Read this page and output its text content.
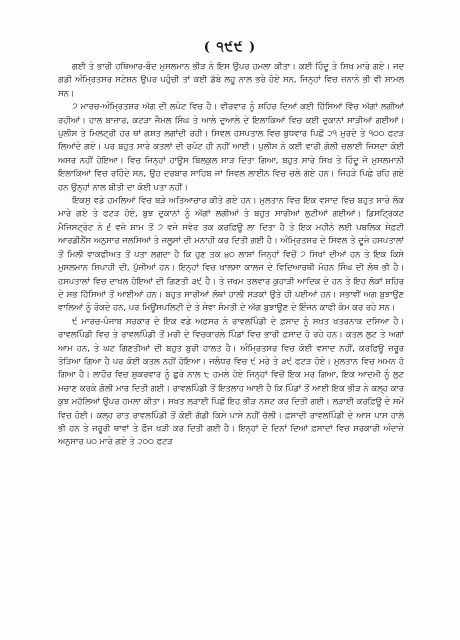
( ੧੯੯ )

ਗਈ ਤੇ ਭਾਰੀ ਹਥਿਆਰ-ਬੰਦ ਮੁਸਲਮਾਨ ਭੀੜ ਨੇ ਇਸ ਉਪਰ ਹਮਲਾ ਕੀਤਾ। ਕਈ ਹਿੰਦੂ ਤੇ ਸਿਖ ਮਾਰੇ ਗਏ। ਜਦ ਗਡੀ ਅੰਮ੍ਰਿਤਸਰ ਸਟੇਸ਼ਨ ਉਪਰ ਪਹੁੰਚੀ ਤਾਂ ਕਈ ਡੱਬੇ ਲਹੂ ਨਾਲ ਭਰੇ ਹੋਏ ਸਨ, ਜਿਨ੍ਹਾਂ ਵਿਚ ਜ਼ਨਾਨੇ ਭੀ ਵੀ ਸ਼ਾਮਲ ਸਨ।

੭ ਮਾਰਚ-ਅੰਮ੍ਰਿਤਸਰ ਅੱਗ ਦੀ ਲਪੇਟ ਵਿਚ ਹੈ। ਵੀਰਵਾਰ ਨੂੰ ਸ਼ਹਿਰ ਦਿਆਂ ਕਈ ਹਿੱਸਿਆਂ ਵਿੱਚ ਅੱਗਾਂ ਲਗੀਆਂ ਰਹੀਆਂ। ਹਾਲ ਬਾਜ਼ਾਰ, ਕਟੜਾ ਜੈਮਲ ਸਿੰਘ ਤੇ ਆਲੇ ਦੁਆਲੇ ਦੇ ਇਲਾਕਿਆਂ ਵਿਚ ਕਈ ਦੁਕਾਨਾਂ ਸਾੜੀਆਂ ਗਈਆਂ। ਪੁਲੀਸ ਤੇ ਮਿਲਟ੍ਰੀ ਹਰ ਥਾਂ ਗਸ਼ਤ ਲਗਾਂਦੀ ਰਹੀ। ਸਿਵਲ ਹਸਪਤਾਲ ਵਿਚ ਬੁਧਵਾਰ ਪਿਛੋਂ ੨੧ ਮੁਰਦੇ ਤੇ ੧੦੦ ਫਟੜ ਲਿਆਂਦੇ ਗਏ। ਪਰ ਬਹੁਤ ਸਾਰੇ ਕਤਲਾਂ ਦੀ ਰਪੋਟ ਹੀ ਨਹੀਂ ਆਈ। ਪੁਲੀਸ ਨੇ ਕਈ ਵਾਰੀ ਗੋਲੀ ਚਲਾਈ ਜਿਸਦਾ ਕੋਈ ਅਸਰ ਨਹੀਂ ਹੋਇਆ। ਵਿਚ ਜਿਨ੍ਹਾਂ ਹਾਊਸ ਬਿਲਕੁਲ ਸਾੜ ਦਿਤਾ ਗਿਆ, ਬਹੁਤ ਸਾਰੇ ਸਿਖ ਤੇ ਹਿੰਦੂ ਜੋ ਮੁਸਲਮਾਨੀ ਇਲਾਕਿਆਂ ਵਿਚ ਰਹਿੰਦੇ ਸਨ, ਉਹ ਦਰਬਾਰ ਸਾਹਿਬ ਜਾਂ ਸਿਵਲ ਲਾਈਨ ਵਿਚ ਚਲੇ ਗਏ ਹਨ। ਜਿਹੜੇ ਪਿਛੇ ਰਹਿ ਗਏ ਹਨ ਉਨ੍ਹਾਂ ਨਾਲ ਬੀਤੀ ਦਾ ਕੋਈ ਪਤਾ ਨਹੀਂ।

ਇਕਸੁ ਵਡੇ ਹਮਲਿਆਂ ਵਿਚ ਬੜੇ ਅਤਿਆਚਾਰ ਕੀਤੇ ਗਏ ਹਨ। ਮੁਲਤਾਨ ਵਿਚ ਇਕ ਵਸਾਦ ਵਿਚ ਬਹੁਤ ਸਾਰੇ ਲੋਕ ਮਾਰੇ ਗਏ ਤੇ ਫਟੜ ਹੋਏ, ਬੁਝ ਦੁਕਾਨਾਂ ਨੂੰ ਅੱਗਾਂ ਲਗੀਆਂ ਤੇ ਬਹੁਤ ਸਾਰੀਆਂ ਲੁਟੀਆਂ ਗਈਆਂ। ਡਿਸਟ੍ਰਿਕਟ ਮੈਜਿਸਟ੍ਰੇਟ ਨੇ ੬ ਵਜੇ ਸ਼ਾਮ ਤੋਂ ੭ ਵਜੇ ਸਵੇਰ ਤਕ ਕਰਫ਼ਿਊ ਲਾ ਦਿਤਾ ਹੈ ਤੇ ਇਕ ਮਹੀਨੇ ਲਈ ਪਬਲਿਕ ਸੇਫ਼ਟੀ ਆਰਡੀਨੈਂਸ ਅਨੁਸਾਰ ਜਲਸਿਆਂ ਤੇ ਜਲੂਸਾਂ ਦੀ ਮਨਾਹੀ ਕਰ ਦਿਤੀ ਗਈ ਹੈ। ਅੰਮ੍ਰਿਤਸਰ ਦੇ ਸਿਵਲ ਤੇ ਦੂਜੇ ਹਸਪਤਾਲਾਂ ਤੋਂ ਮਿਲੀ ਵਾਕਫੀਅਤ ਤੋਂ ਪਤਾ ਲਗਦਾ ਹੈ ਕਿ ਹੁਣ ਤਕ ੪੦ ਲਾਸ਼ਾਂ ਜਿਨ੍ਹਾਂ ਵਿਚੋਂ ੭ ਸਿਖਾਂ ਦੀਆਂ ਹਨ ਤੇ ਇਕ ਕਿਸੇ ਮੁਸਲਮਾਨ ਸਿਪਾਹੀ ਦੀ, ਪੁੱਜੀਆਂ ਹਨ। ਇਨ੍ਹਾਂ ਵਿਚ ਖਾਲਸਾ ਕਾਲਜ ਦੇ ਵਿਦਿਆਰਥੀ ਮੋਹਨ ਸਿੰਘ ਦੀ ਲੋਥ ਭੀ ਹੈ। ਹਸਪਤਾਲਾਂ ਵਿਚ ਦਾਖਲ ਹੋਇਆਂ ਦੀ ਗਿਣਤੀ ੩੯ ਹੈ। ਤੇ ਜ਼ਖਮ ਤਲਵਾਰ ਕੁਹਾੜੀ ਆਦਿਕ ਦੇ ਹਨ ਤੇ ਇਹ ਲੋਕਾਂ ਸ਼ਹਿਰ ਦੇ ਸਭ ਹਿੱਸਿਆਂ ਤੋਂ ਆਈਆਂ ਹਨ। ਬਹੁਤ ਸਾਰੀਆਂ ਲੋਥਾਂ ਹਾਲੀ ਸੜਕਾਂ ਉਤੇ ਹੀ ਪਈਆਂ ਹਨ। ਸਭਾਵੀਂ ਅਗ ਬੁਝਾਉਣ ਵਾਲਿਆਂ ਨੂੰ ਰੋਕਦੇ ਹਨ, ਪਰ ਮਿਊਂਸਪਲਿਟੀ ਦੇ ਤੇ ਸੇਵਾ ਸੰਮਤੀ ਦੇ ਅੱਗ ਬੁਝਾਊਣ ਦੇ ਇੰਜਨ ਕਾਫੀ ਕੰਮ ਕਰ ਰਹੇ ਸਨ।

੯ ਮਾਰਚ-ਪੰਜਾਬ ਸਰਕਾਰ ਦੇ ਇਕ ਵਡੇ ਅਫ਼ਸਰ ਨੇ ਰਾਵਲਪਿੰਡੀ ਦੇ ਫ਼ਸਾਦ ਨੂੰ ਸਖ਼ਤ ਖਤਰਨਾਕ ਦਸਿਆ ਹੈ। ਰਾਵਲਪਿੰਡੀ ਵਿਚ ਤੇ ਰਾਵਲਪਿੰਡੀ ਤੋਂ ਮਰੀ ਦੇ ਵਿਚਕਾਰਲੇ ਪਿੰਡਾਂ ਵਿਚ ਭਾਰੀ ਫ਼ਸਾਦ ਹੋ ਰਹੇ ਹਨ। ਕਤਲ ਲੁਟ ਤੇ ਅਗਾਂ ਆਮ ਹਨ, ਤੇ ਘਟ ਗਿਣਤੀਆਂ ਦੀ ਬਹੁਤ ਬੁਰੀ ਹਾਲਤ ਹੈ। ਅੰਮ੍ਰਿਤਸਰ ਵਿਚ ਕੋਈ ਵਸਾਦ ਨਹੀਂ, ਕਰਫ਼ਿਊ ਜ਼ਰੂਰ ਤੋੜਿਆ ਗਿਆ ਹੈ ਪਰ ਕੋਈ ਕਤਲ ਨਹੀਂ ਹੋਇਆ। ਜਲੰਧਰ ਵਿਚ ੯ ਮਰੇ ਤੇ ੩੯ ਫਟੜ ਹੋਏ। ਮੁਲਤਾਨ ਵਿਚ ਅਮਨ ਹੋ ਗਿਆ ਹੈ। ਲਾਹੌਰ ਵਿਚ ਸ਼ੁਕਰਵਾਰ ਨੂੰ ਛੁਰੇ ਨਾਲ ੮ ਹਮਲੇ ਹੋਏ ਜਿਨ੍ਹਾਂ ਵਿਚੋਂ ਇਕ ਮਰ ਗਿਆ, ਇਕ ਆਦਮੀ ਨੂੰ ਲੁਟ ਮਚਾਣ ਕਰਕੇ ਗੋਲੀ ਮਾਰ ਦਿਤੀ ਗਈ। ਰਾਵਲਪਿੰਡੀ ਤੋਂ ਇਤਲਾਹ ਆਈ ਹੈ ਕਿ ਪਿੰਡਾਂ ਤੋਂ ਆਈ ਇਕ ਭੀੜ ਨੇ ਕਲ੍ਹ ਕਾਰ ਕੁਝ ਮਹੱਲਿਆਂ ਉਪਰ ਹਮਲਾ ਕੀਤਾ। ਸਖਤ ਲੜਾਈ ਪਿਛੋਂ ਇਹ ਭੀੜ ਨਸ਼ਟ ਕਰ ਦਿਤੀ ਗਈ। ਲੜਾਈ ਕਰਫ਼ਿਊ ਦੇ ਸਮੇਂ ਵਿਚ ਹੋਈ। ਕਲ੍ਹ ਰਾਤ ਰਾਵਲਪਿੰਡੀ ਤੋਂ ਕੋਈ ਗੱਡੀ ਕਿਸੇ ਪਾਸੇ ਨਹੀਂ ਚੱਲੀ। ਫ਼ਸਾਦੀ ਰਾਵਲਪਿੰਡੀ ਦੇ ਆਸ ਪਾਸ ਹਾਲੇ ਭੀ ਹਨ ਤੇ ਜਰੂਰੀ ਥਾਵਾਂ ਤੇ ਫੌਜ ਖੜੀ ਕਰ ਦਿਤੀ ਗਈ ਹੈ। ਇਨ੍ਹਾਂ ਦੋ ਦਿਨਾਂ ਦਿਆਂ ਫ਼ਸਾਦਾਂ ਵਿਚ ਸਰਕਾਰੀ ਅੰਦਾਜ਼ੇ ਅਨੁਸਾਰ ੫੦ ਮਾਰੇ ਗਏ ਤੇ ੨੦੦ ਫਟੜ
